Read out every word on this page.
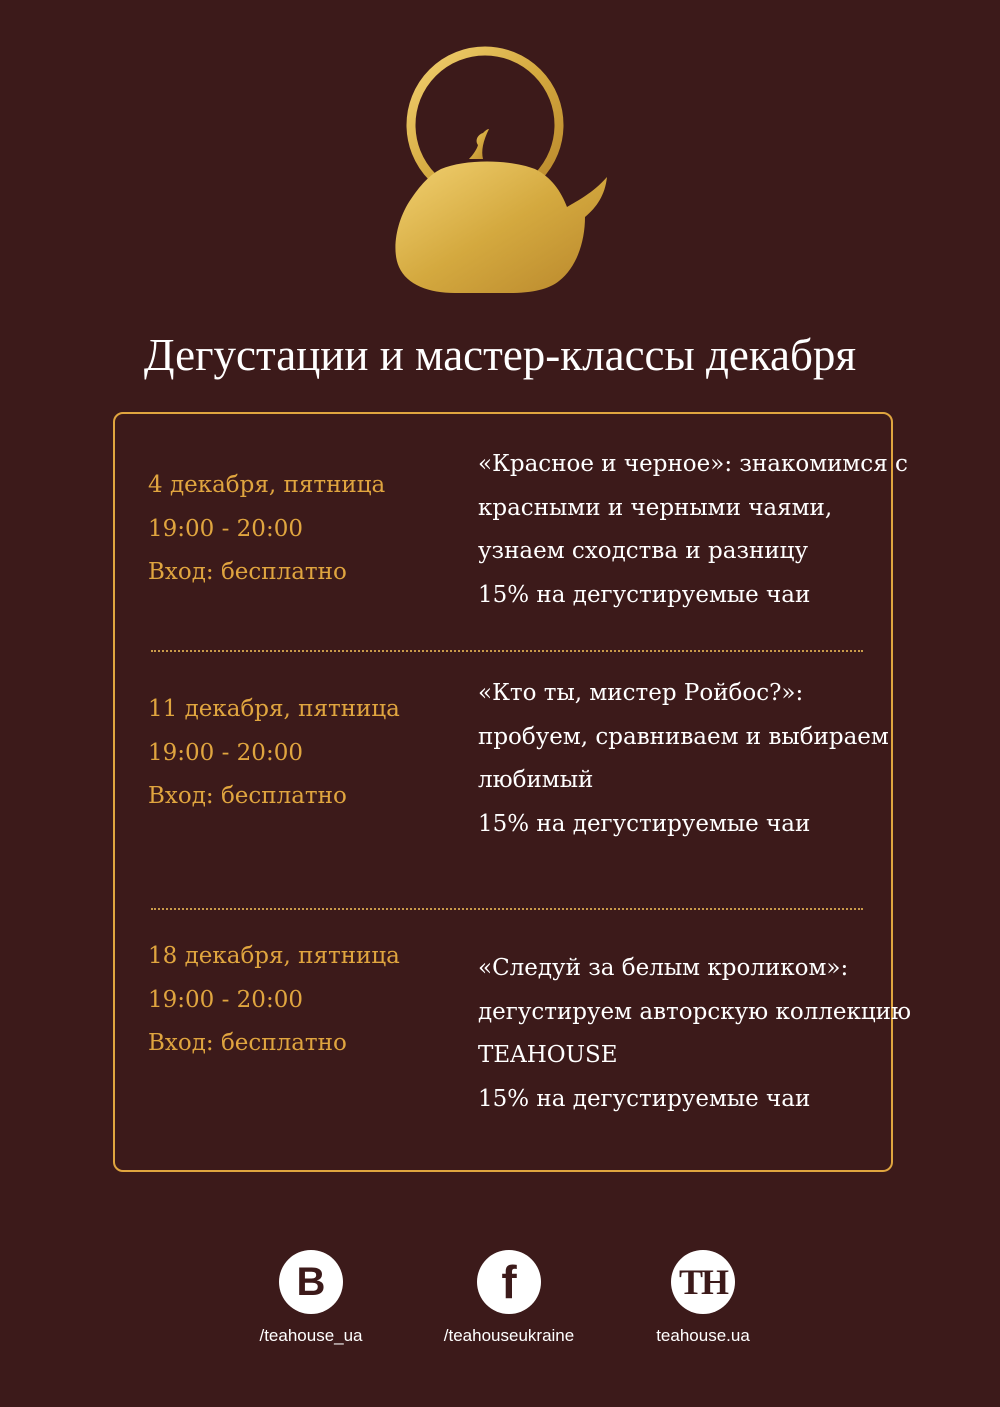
Дегустации и мастер-классы декабря
4 декабря, пятница
19:00 - 20:00
Вход: бесплатно
«Красное и черное»: знакомимся с
красными и черными чаями,
узнаем сходства и разницу
15% на дегустируемые чаи
11 декабря, пятница
19:00 - 20:00
Вход: бесплатно
«Кто ты, мистер Ройбос?»:
пробуем, сравниваем и выбираем
любимый
15% на дегустируемые чаи
18 декабря, пятница
19:00 - 20:00
Вход: бесплатно
«Следуй за белым кроликом»:
дегустируем авторскую коллекцию
TEAHOUSE
15% на дегустируемые чаи
B
/teahouse_ua
f
/teahouseukraine
TH
teahouse.ua
